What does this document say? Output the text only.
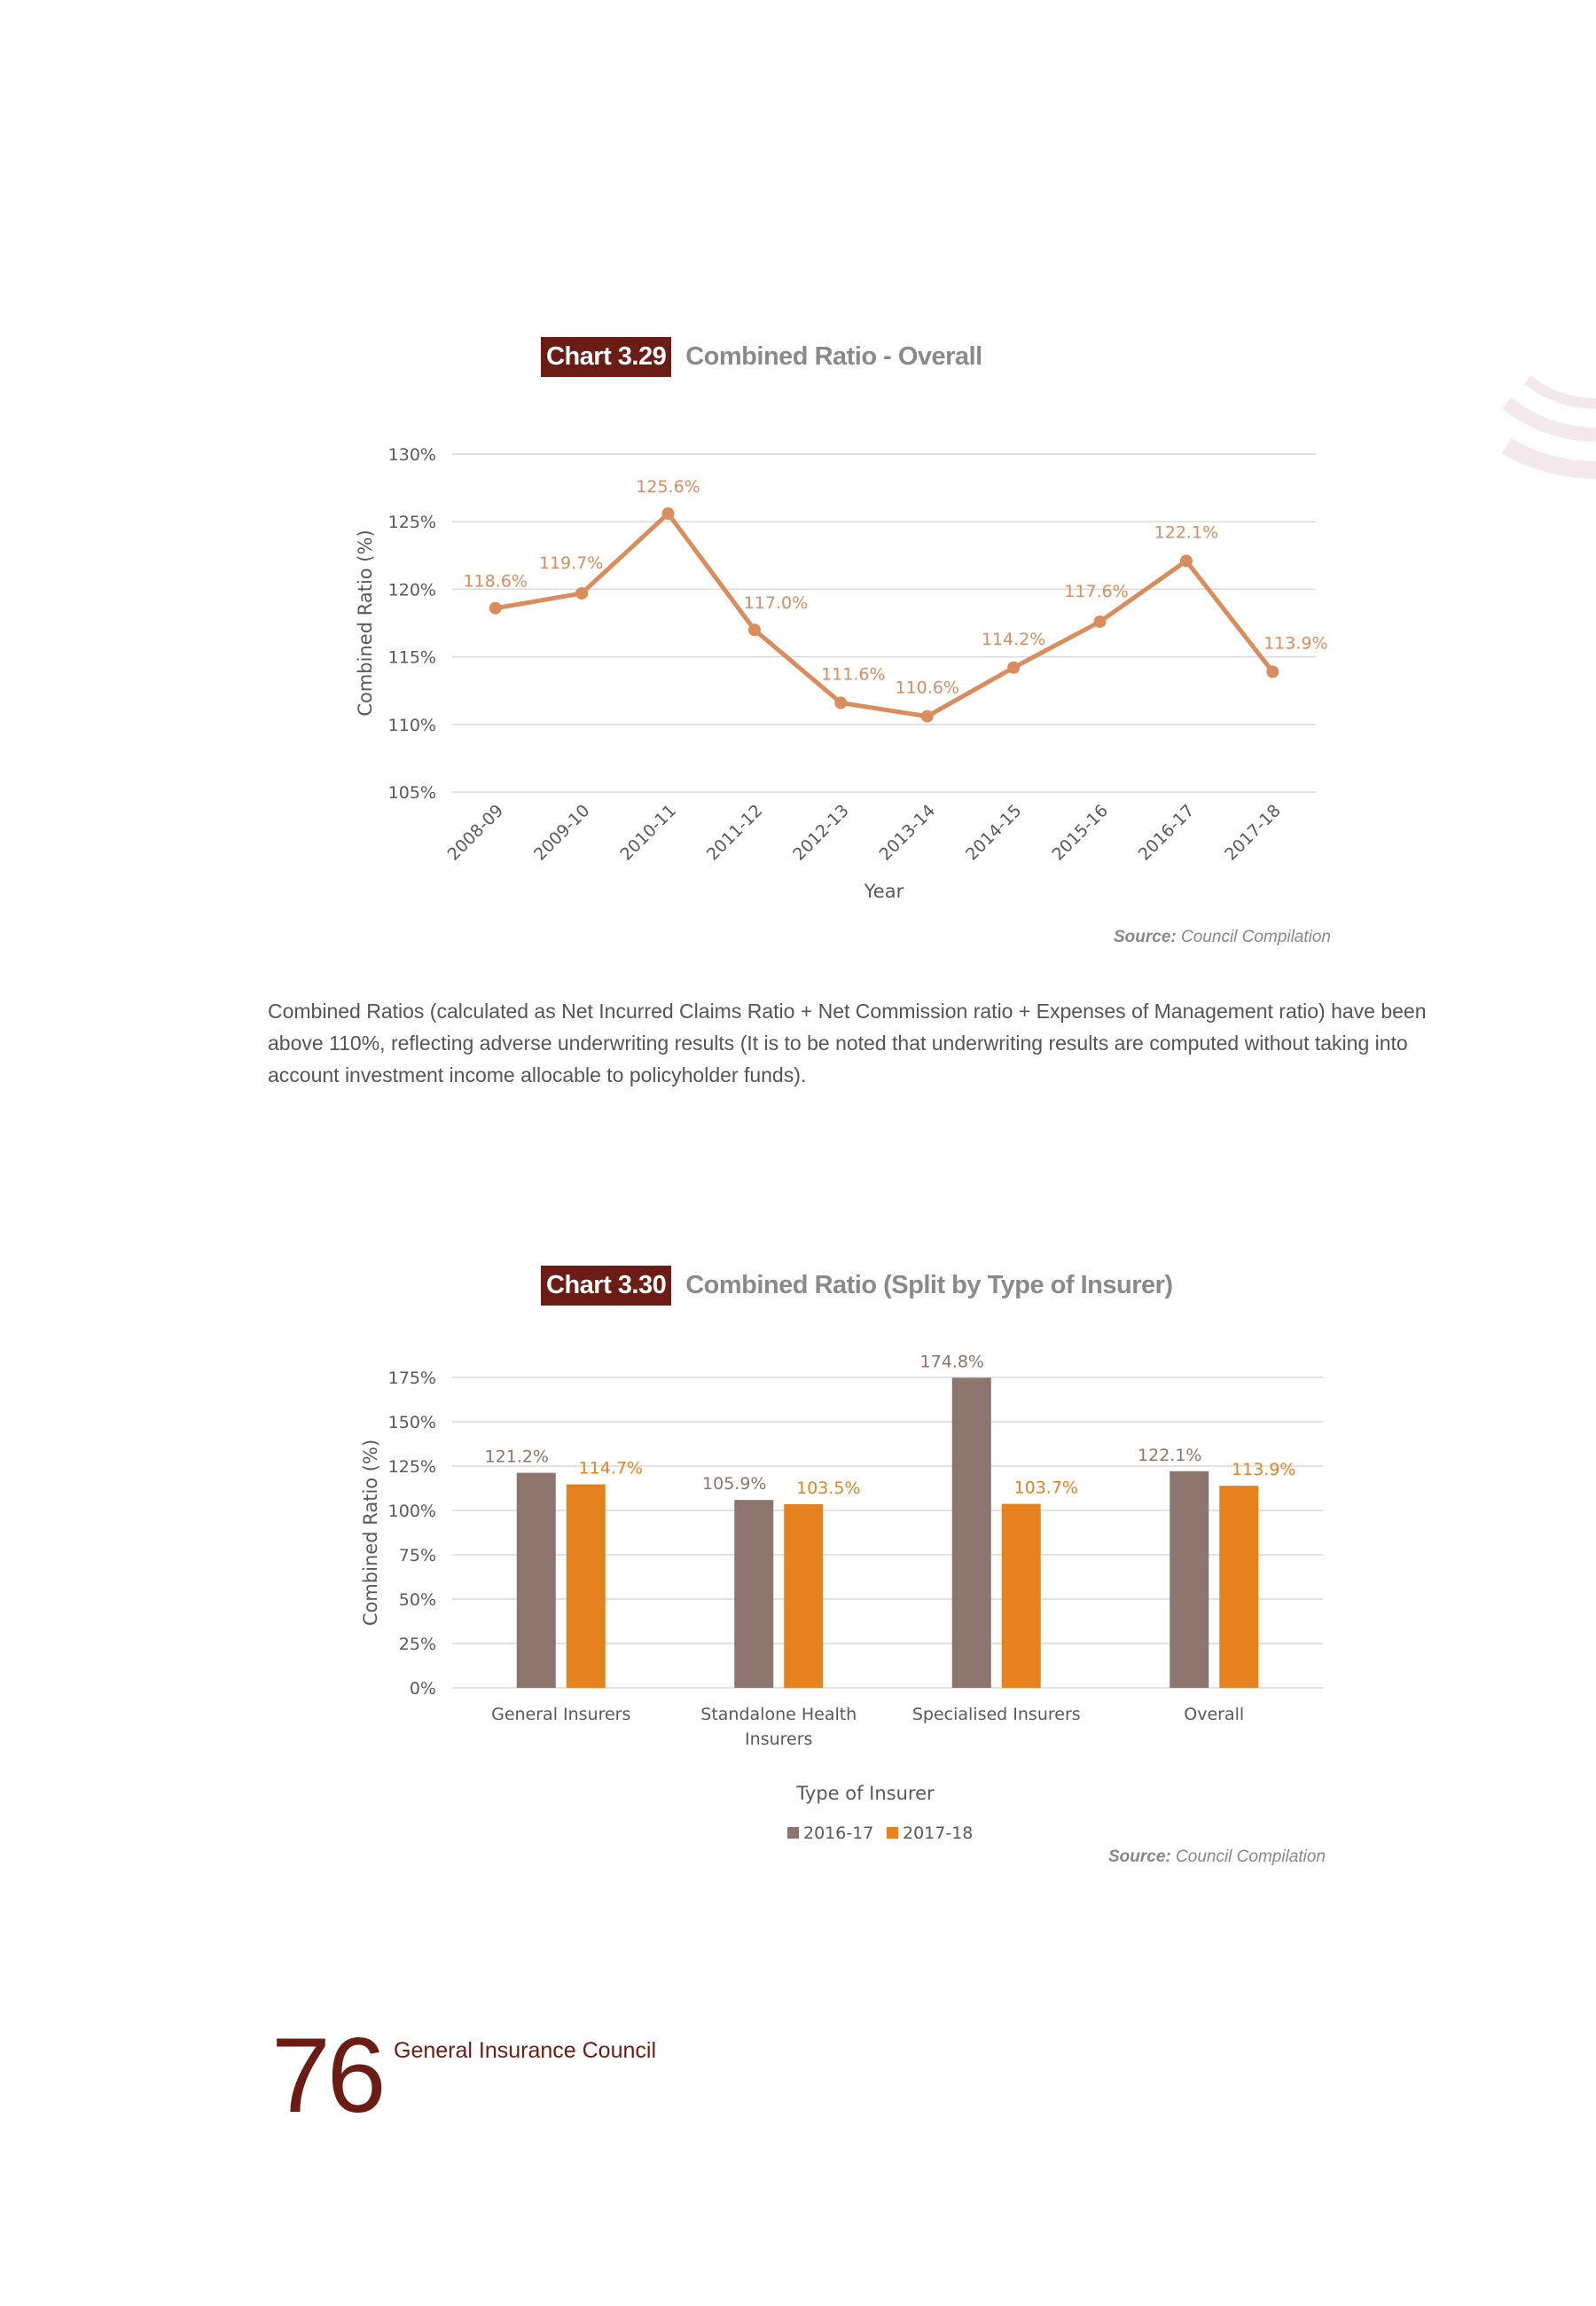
Chart 3.29 Combined Ratio - Overall
105%
110%
115%
120%
125%
130%
Combined Ratio (%)	118.6%
119.7%
125.6%
117.0%
111.6%
110.6%
114.2%
117.6%
122.1%
113.9%
2008-09 2009-10 2010-11 2011-12 2012-13 2013-14 2014-15 2015-16 2016-17 2017-18
Year
Source: Council Compilation
Combined Ratios (calculated as Net Incurred Claims Ratio + Net Commission ratio + Expenses of Management ratio) have been above 110%, reflecting adverse underwriting results (It is to be noted that underwriting results are computed without taking into account investment income allocable to policyholder funds).
Chart 3.30 Combined Ratio (Split by Type of Insurer)
0%
25%
50%
75%
100%
125%
150%
175%
Combined Ratio (%)	121.2%
114.7%
General Insurers
105.9% 103.5%
Standalone Health
Insurers
174.8%
103.7%
Specialised Insurers
122.1%
113.9%
Overall
Type of Insurer
2016-17 2017-18
Source: Council Compilation
76 General Insurance Council
